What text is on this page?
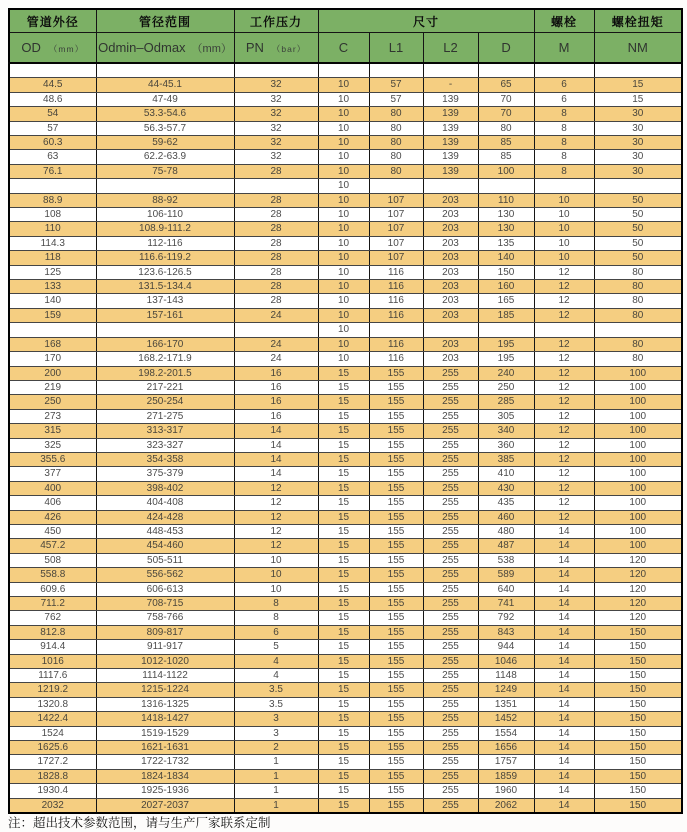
管道外径	管径范围	工作压力	尺寸				螺栓	螺栓扭矩
OD （mm）	Odmin–Odmax （mm）	PN （bar）	C	L1	L2	D	M	NM

44.5	44-45.1	32	10	57	-	65	6	15
48.6	47-49	32	10	57	139	70	6	15
54	53.3-54.6	32	10	80	139	70	8	30
57	56.3-57.7	32	10	80	139	80	8	30
60.3	59-62	32	10	80	139	85	8	30
63	62.2-63.9	32	10	80	139	85	8	30
76.1	75-78	28	10	80	139	100	8	30
			10					
88.9	88-92	28	10	107	203	110	10	50
108	106-110	28	10	107	203	130	10	50
110	108.9-111.2	28	10	107	203	130	10	50
114.3	112-116	28	10	107	203	135	10	50
118	116.6-119.2	28	10	107	203	140	10	50
125	123.6-126.5	28	10	116	203	150	12	80
133	131.5-134.4	28	10	116	203	160	12	80
140	137-143	28	10	116	203	165	12	80
159	157-161	24	10	116	203	185	12	80
			10					
168	166-170	24	10	116	203	195	12	80
170	168.2-171.9	24	10	116	203	195	12	80
200	198.2-201.5	16	15	155	255	240	12	100
219	217-221	16	15	155	255	250	12	100
250	250-254	16	15	155	255	285	12	100
273	271-275	16	15	155	255	305	12	100
315	313-317	14	15	155	255	340	12	100
325	323-327	14	15	155	255	360	12	100
355.6	354-358	14	15	155	255	385	12	100
377	375-379	14	15	155	255	410	12	100
400	398-402	12	15	155	255	430	12	100
406	404-408	12	15	155	255	435	12	100
426	424-428	12	15	155	255	460	12	100
450	448-453	12	15	155	255	480	14	100
457.2	454-460	12	15	155	255	487	14	100
508	505-511	10	15	155	255	538	14	120
558.8	556-562	10	15	155	255	589	14	120
609.6	606-613	10	15	155	255	640	14	120
711.2	708-715	8	15	155	255	741	14	120
762	758-766	8	15	155	255	792	14	120
812.8	809-817	6	15	155	255	843	14	150
914.4	911-917	5	15	155	255	944	14	150
1016	1012-1020	4	15	155	255	1046	14	150
1117.6	1114-1122	4	15	155	255	1148	14	150
1219.2	1215-1224	3.5	15	155	255	1249	14	150
1320.8	1316-1325	3.5	15	155	255	1351	14	150
1422.4	1418-1427	3	15	155	255	1452	14	150
1524	1519-1529	3	15	155	255	1554	14	150
1625.6	1621-1631	2	15	155	255	1656	14	150
1727.2	1722-1732	1	15	155	255	1757	14	150
1828.8	1824-1834	1	15	155	255	1859	14	150
1930.4	1925-1936	1	15	155	255	1960	14	150
2032	2027-2037	1	15	155	255	2062	14	150
注：超出技术参数范围，请与生产厂家联系定制
